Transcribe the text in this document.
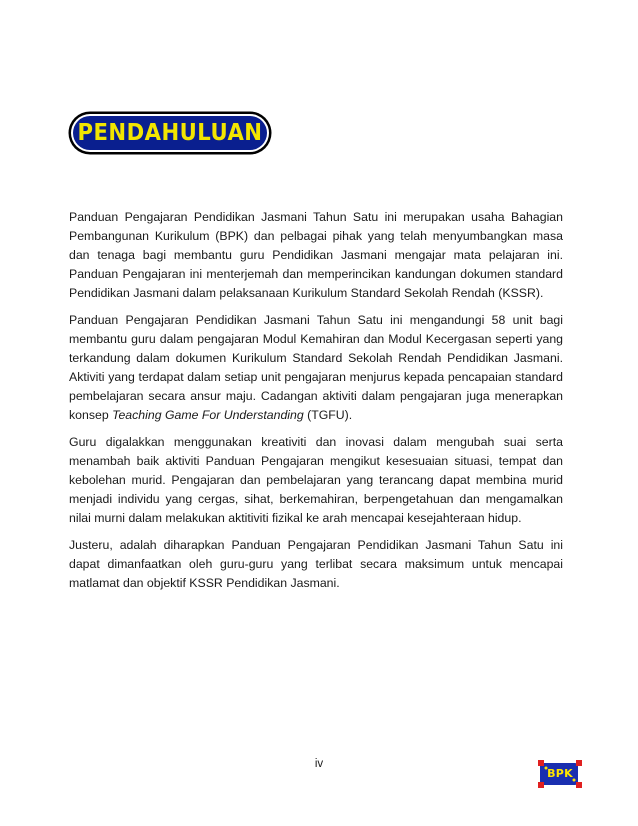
PENDAHULUAN

Panduan Pengajaran Pendidikan Jasmani Tahun Satu ini merupakan usaha Bahagian Pembangunan Kurikulum (BPK) dan pelbagai pihak yang telah menyumbangkan masa dan tenaga bagi membantu guru Pendidikan Jasmani mengajar mata pelajaran ini. Panduan Pengajaran ini menterjemah dan memperincikan kandungan dokumen standard Pendidikan Jasmani dalam pelaksanaan Kurikulum Standard Sekolah Rendah (KSSR).

Panduan Pengajaran Pendidikan Jasmani Tahun Satu ini mengandungi 58 unit bagi membantu guru dalam pengajaran Modul Kemahiran dan Modul Kecergasan seperti yang terkandung dalam dokumen Kurikulum Standard Sekolah Rendah Pendidikan Jasmani. Aktiviti yang terdapat dalam setiap unit pengajaran menjurus kepada pencapaian standard pembelajaran secara ansur maju. Cadangan aktiviti dalam pengajaran juga menerapkan konsep Teaching Game For Understanding (TGFU).

Guru digalakkan menggunakan kreativiti dan inovasi dalam mengubah suai serta menambah baik aktiviti Panduan Pengajaran mengikut kesesuaian situasi, tempat dan kebolehan murid. Pengajaran dan pembelajaran yang terancang dapat membina murid menjadi individu yang cergas, sihat, berkemahiran, berpengetahuan dan mengamalkan nilai murni dalam melakukan aktitiviti fizikal ke arah mencapai kesejahteraan hidup.

Justeru, adalah diharapkan Panduan Pengajaran Pendidikan Jasmani Tahun Satu ini dapat dimanfaatkan oleh guru-guru yang terlibat secara maksimum untuk mencapai matlamat dan objektif KSSR Pendidikan Jasmani.

iv
BPK
